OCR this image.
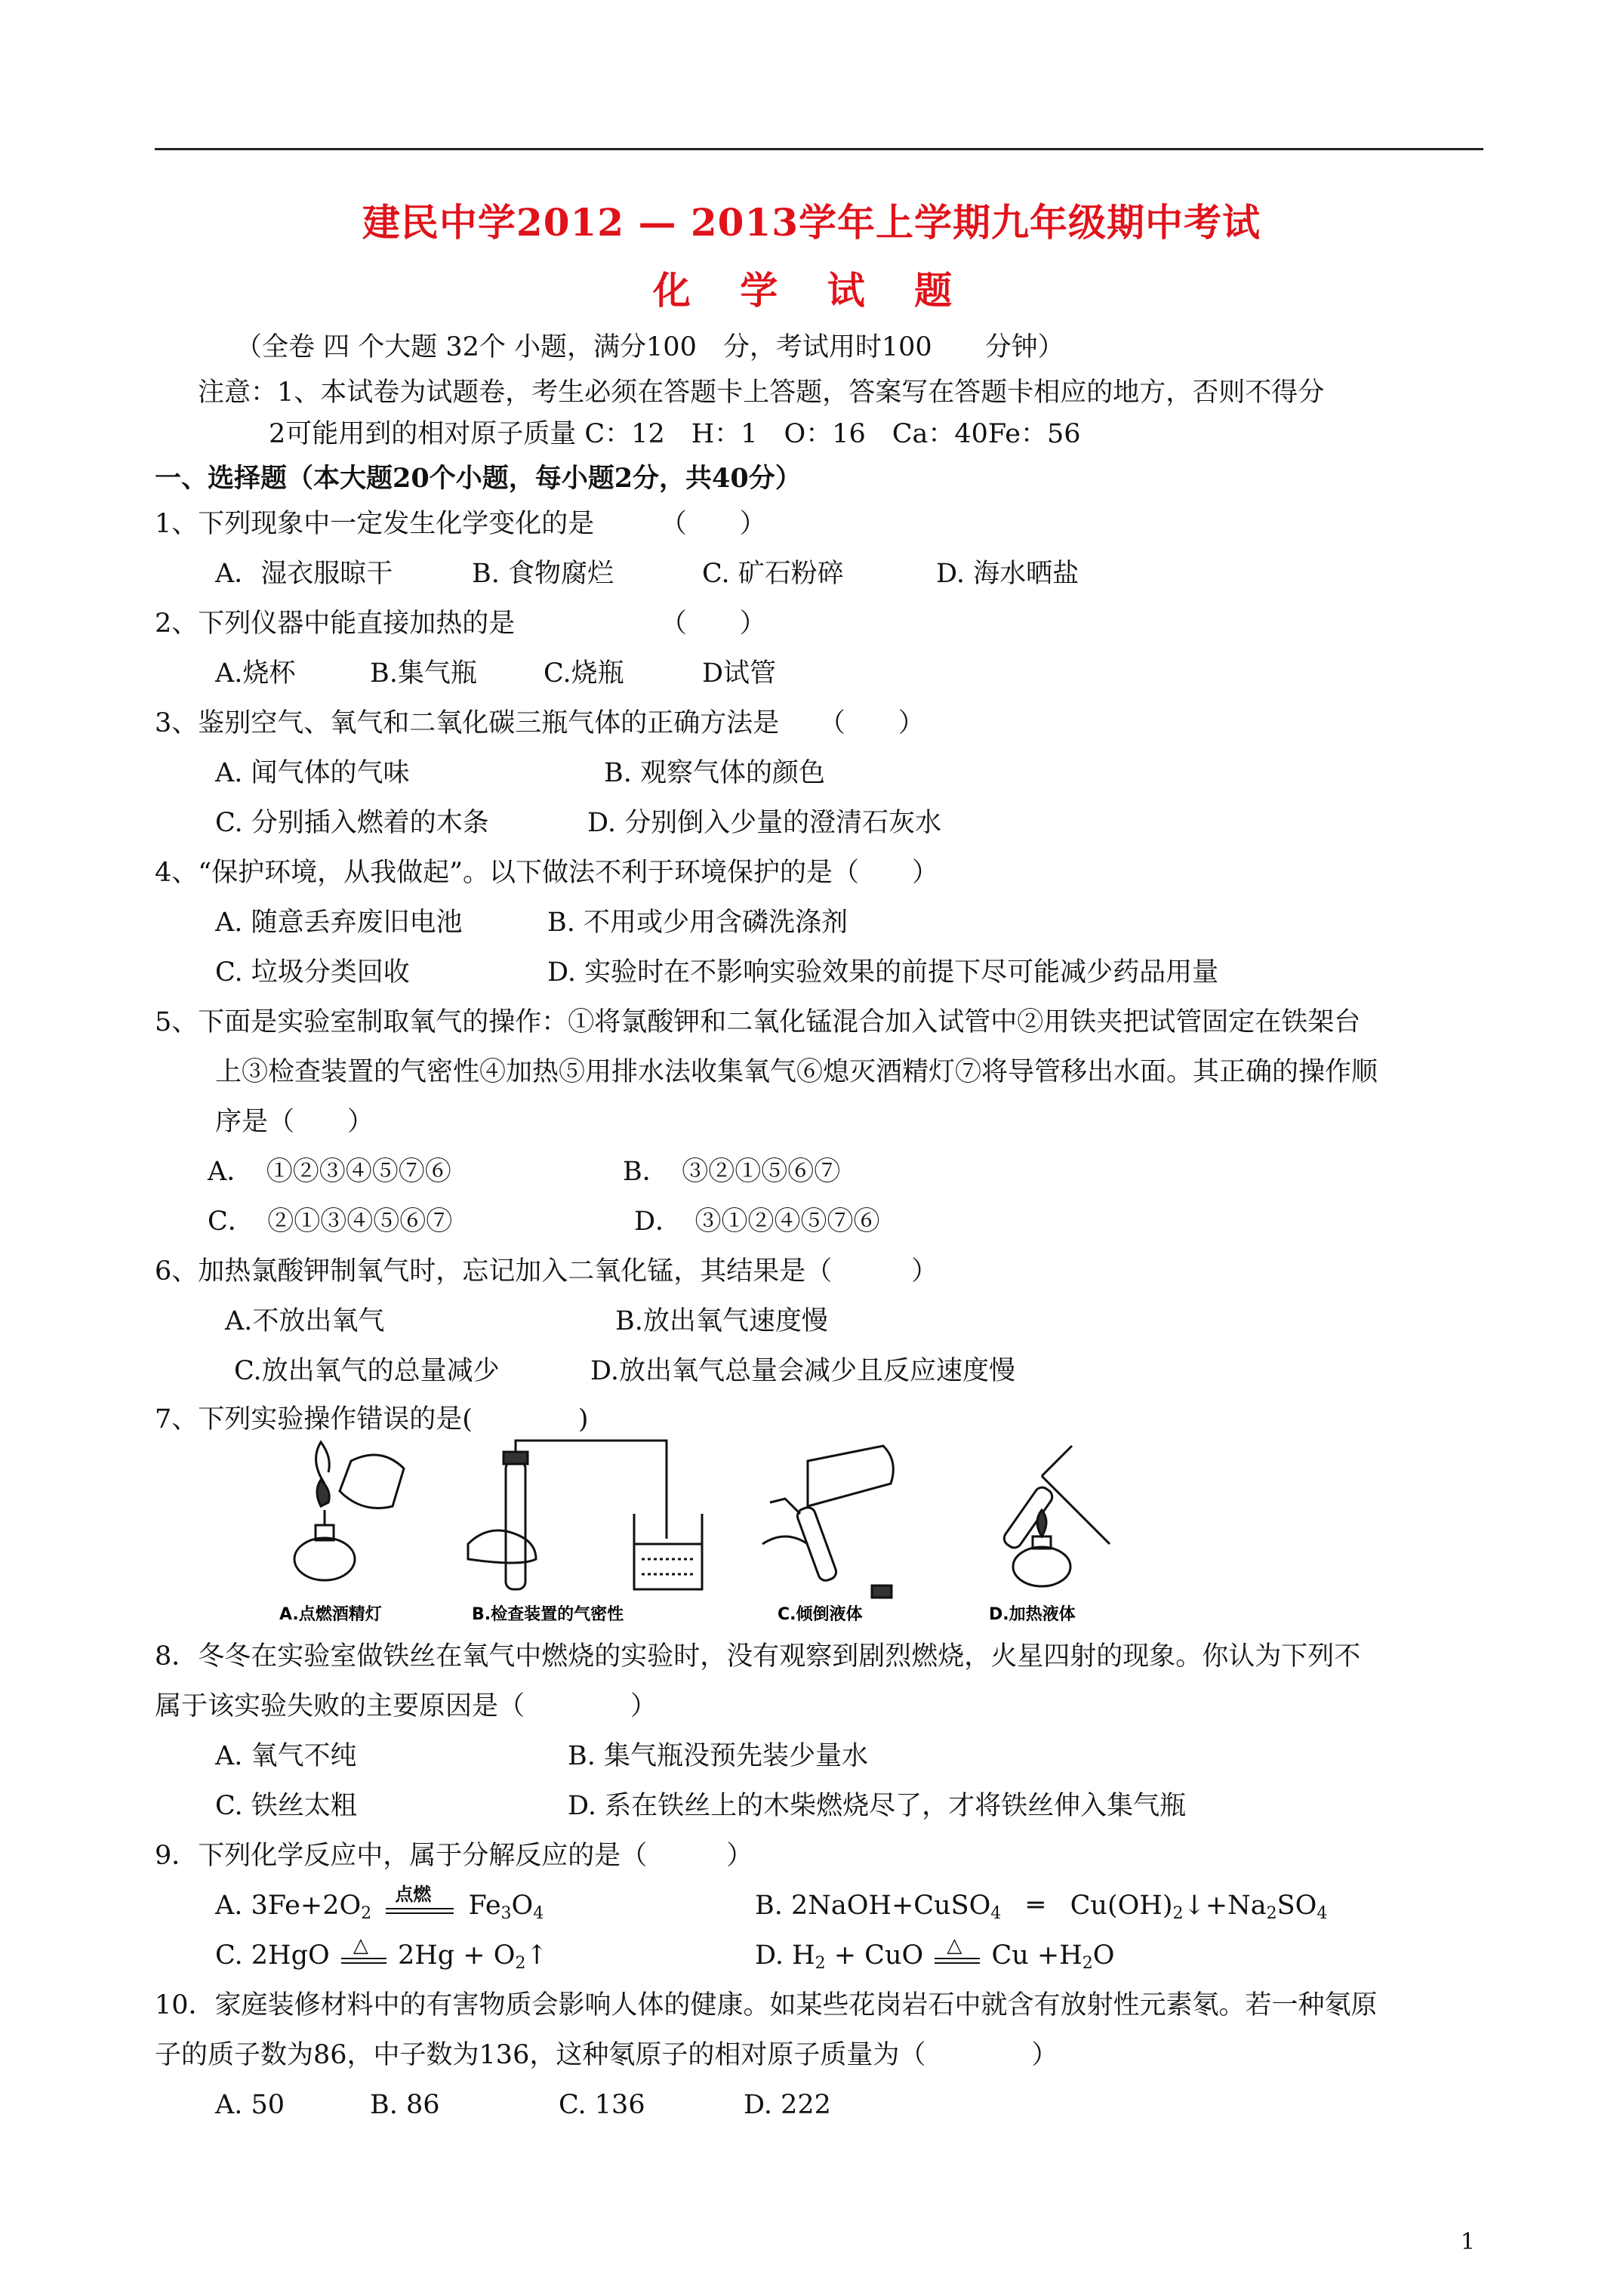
建民中学2012 — 2013学年上学期九年级期中考试
化 学 试 题
（全卷 四 个大题 32个 小题，满分100　分，考试用时100　　分钟）
注意：1、本试卷为试题卷，考生必须在答题卡上答题，答案写在答题卡相应的地方，否则不得分
2可能用到的相对原子质量 C：12　H：1　O：16　Ca：40Fe：56
一、选择题（本大题20个小题，每小题2分，共40分）
1、下列现象中一定发生化学变化的是　　　（　　）
A．湿衣服晾干	B. 食物腐烂	C. 矿石粉碎	D. 海水晒盐
2、下列仪器中能直接加热的是　　　　　　（　　）
A.烧杯	B.集气瓶	C.烧瓶	D试管
3、鉴别空气、氧气和二氧化碳三瓶气体的正确方法是　　（　　）
A. 闻气体的气味	B. 观察气体的颜色
C. 分别插入燃着的木条	D. 分别倒入少量的澄清石灰水
4、“保护环境，从我做起”。以下做法不利于环境保护的是（　　）
A. 随意丢弃废旧电池	B. 不用或少用含磷洗涤剂
C. 垃圾分类回收	D. 实验时在不影响实验效果的前提下尽可能减少药品用量
5、下面是实验室制取氧气的操作：①将氯酸钾和二氧化锰混合加入试管中②用铁夹把试管固定在铁架台
上③检查装置的气密性④加热⑤用排水法收集氧气⑥熄灭酒精灯⑦将导管移出水面。其正确的操作顺
序是（　　）
A．　①②③④⑤⑦⑥	B．　③②①⑤⑥⑦
C．　②①③④⑤⑥⑦	D．　③①②④⑤⑦⑥
6、加热氯酸钾制氧气时，忘记加入二氧化锰，其结果是（　　　）
A.不放出氧气	B.放出氧气速度慢
C.放出氧气的总量减少	D.放出氧气总量会减少且反应速度慢
7、下列实验操作错误的是(　　　　)
A.点燃酒精灯	B.检查装置的气密性	C.倾倒液体	D.加热液体
8．冬冬在实验室做铁丝在氧气中燃烧的实验时，没有观察到剧烈燃烧，火星四射的现象。你认为下列不
属于该实验失败的主要原因是（　　　　）
A. 氧气不纯	B. 集气瓶没预先装少量水
C. 铁丝太粗	D. 系在铁丝上的木柴燃烧尽了，才将铁丝伸入集气瓶
9．下列化学反应中，属于分解反应的是（　　　）
A. $3Fe+2O_2$
点燃 $Fe_3O_4$	B. 2NaOH+CuSO$_4$ ═ $Cu(OH)_2↓+Na_2SO_4$
C. 2HgO △ $2Hg + O_2↑$	D. $H_2$ + CuO △ $Cu +H_2O$
10．家庭装修材料中的有害物质会影响人体的健康。如某些花岗岩石中就含有放射性元素氡。若一种氡原
子的质子数为86，中子数为136，这种氡原子的相对原子质量为（　　　　）
A. 50	B. 86	C. 136	D. 222
1
